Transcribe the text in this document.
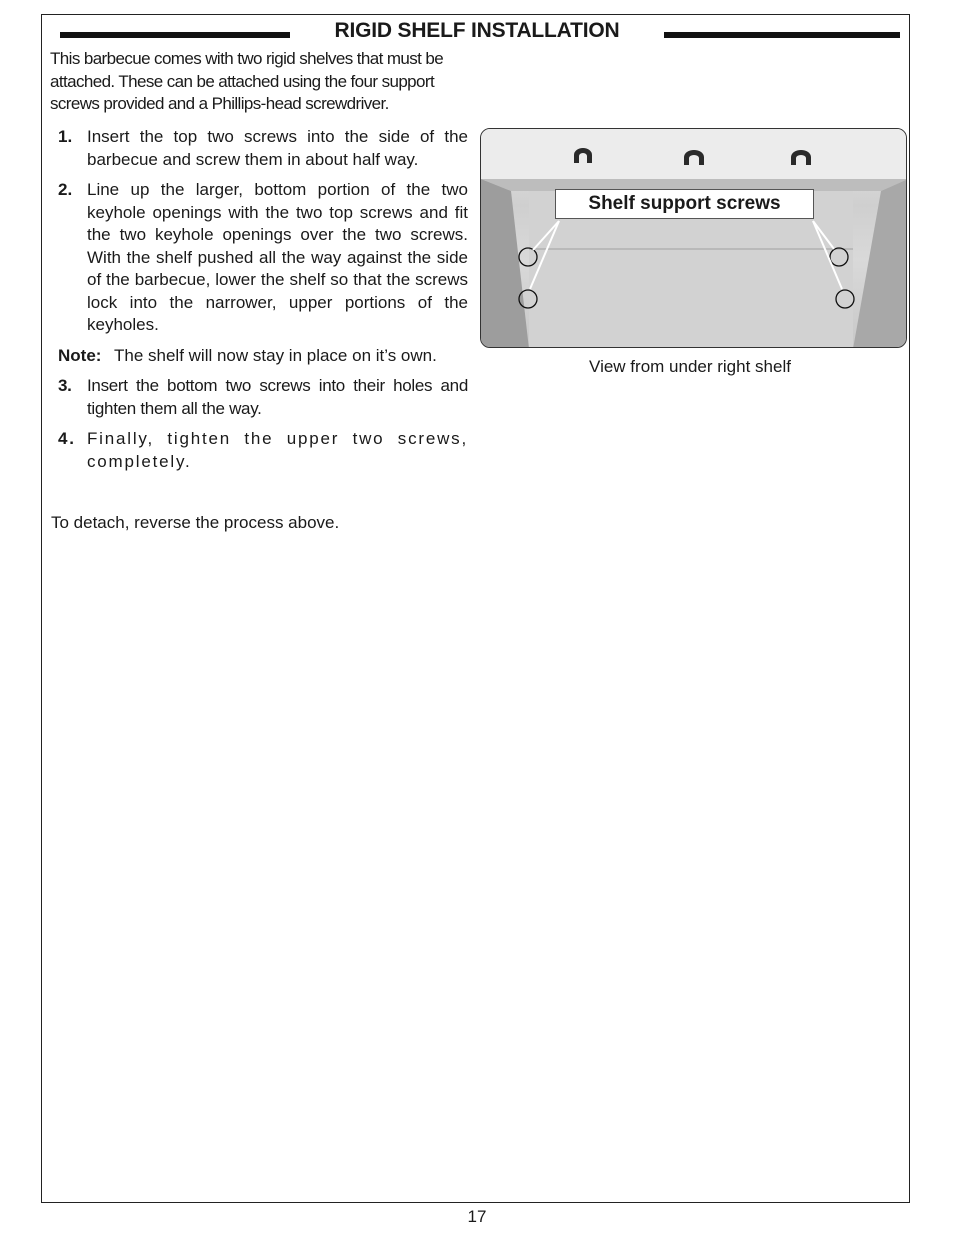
RIGID SHELF INSTALLATION

This barbecue comes with two rigid shelves that must be attached. These can be attached using the four support screws provided and a Phillips-head screwdriver.

1. Insert the top two screws into the side of the barbecue and screw them in about half way.
2. Line up the larger, bottom portion of the two keyhole openings with the two top screws and fit the two keyhole openings over the two screws. With the shelf pushed all the way against the side of the barbecue, lower the shelf so that the screws lock into the narrower, upper portions of the keyholes.
Note: The shelf will now stay in place on it’s own.
3. Insert the bottom two screws into their holes and tighten them all the way.
4. Finally, tighten the upper two screws, completely.

To detach, reverse the process above.

Shelf support screws

View from under right shelf

17
